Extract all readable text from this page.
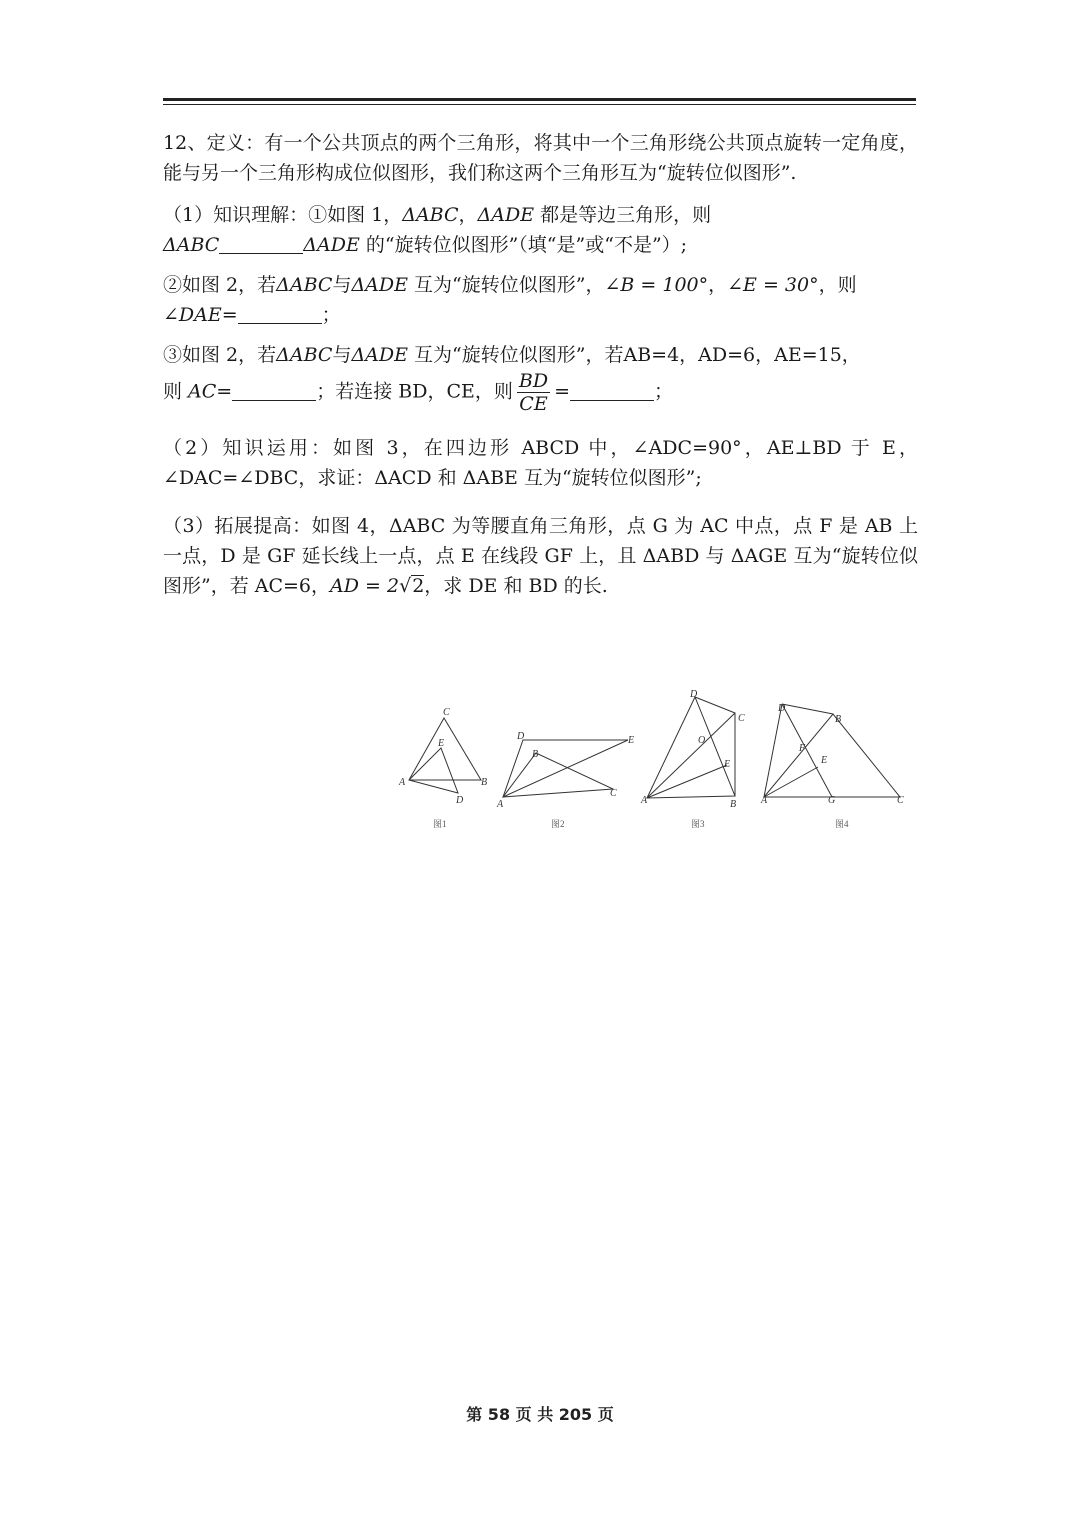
12、定义：有一个公共顶点的两个三角形，将其中一个三角形绕公共顶点旋转一定角度，能与另一个三角形构成位似图形，我们称这两个三角形互为“旋转位似图形”.

（1）知识理解：①如图 1，ΔABC，ΔADE 都是等边三角形，则
ΔABC	ΔADE 的“旋转位似图形”（填“是”或“不是”）;

②如图 2，若ΔABC与ΔADE 互为“旋转位似图形”，∠B = 100°，∠E = 30°，则
∠DAE=	；

③如图 2，若ΔABC与ΔADE 互为“旋转位似图形”，若AB=4，AD=6，AE=15，
则 AC=	；若连接 BD，CE，则 $\frac{BD}{CE}$ =	；

（2）知识运用：如图 3，在四边形 ABCD 中，∠ADC=90°，AE⊥BD 于 E，∠DAC=∠DBC，求证：ΔACD 和 ΔABE 互为“旋转位似图形”;

（3）拓展提高：如图 4，ΔABC 为等腰直角三角形，点 G 为 AC 中点，点 F 是 AB 上一点，D 是 GF 延长线上一点，点 E 在线段 GF 上，且 ΔABD 与 ΔAGE 互为“旋转位似图形”，若 AC=6，AD = 2√2，求 DE 和 BD 的长.

C
E
A	B
D
D
B
E
A
C
D
C
O
E
A	B
D
B
F
E
A	G	C
图1	图2	图3	图4
第 58 页 共 205 页
